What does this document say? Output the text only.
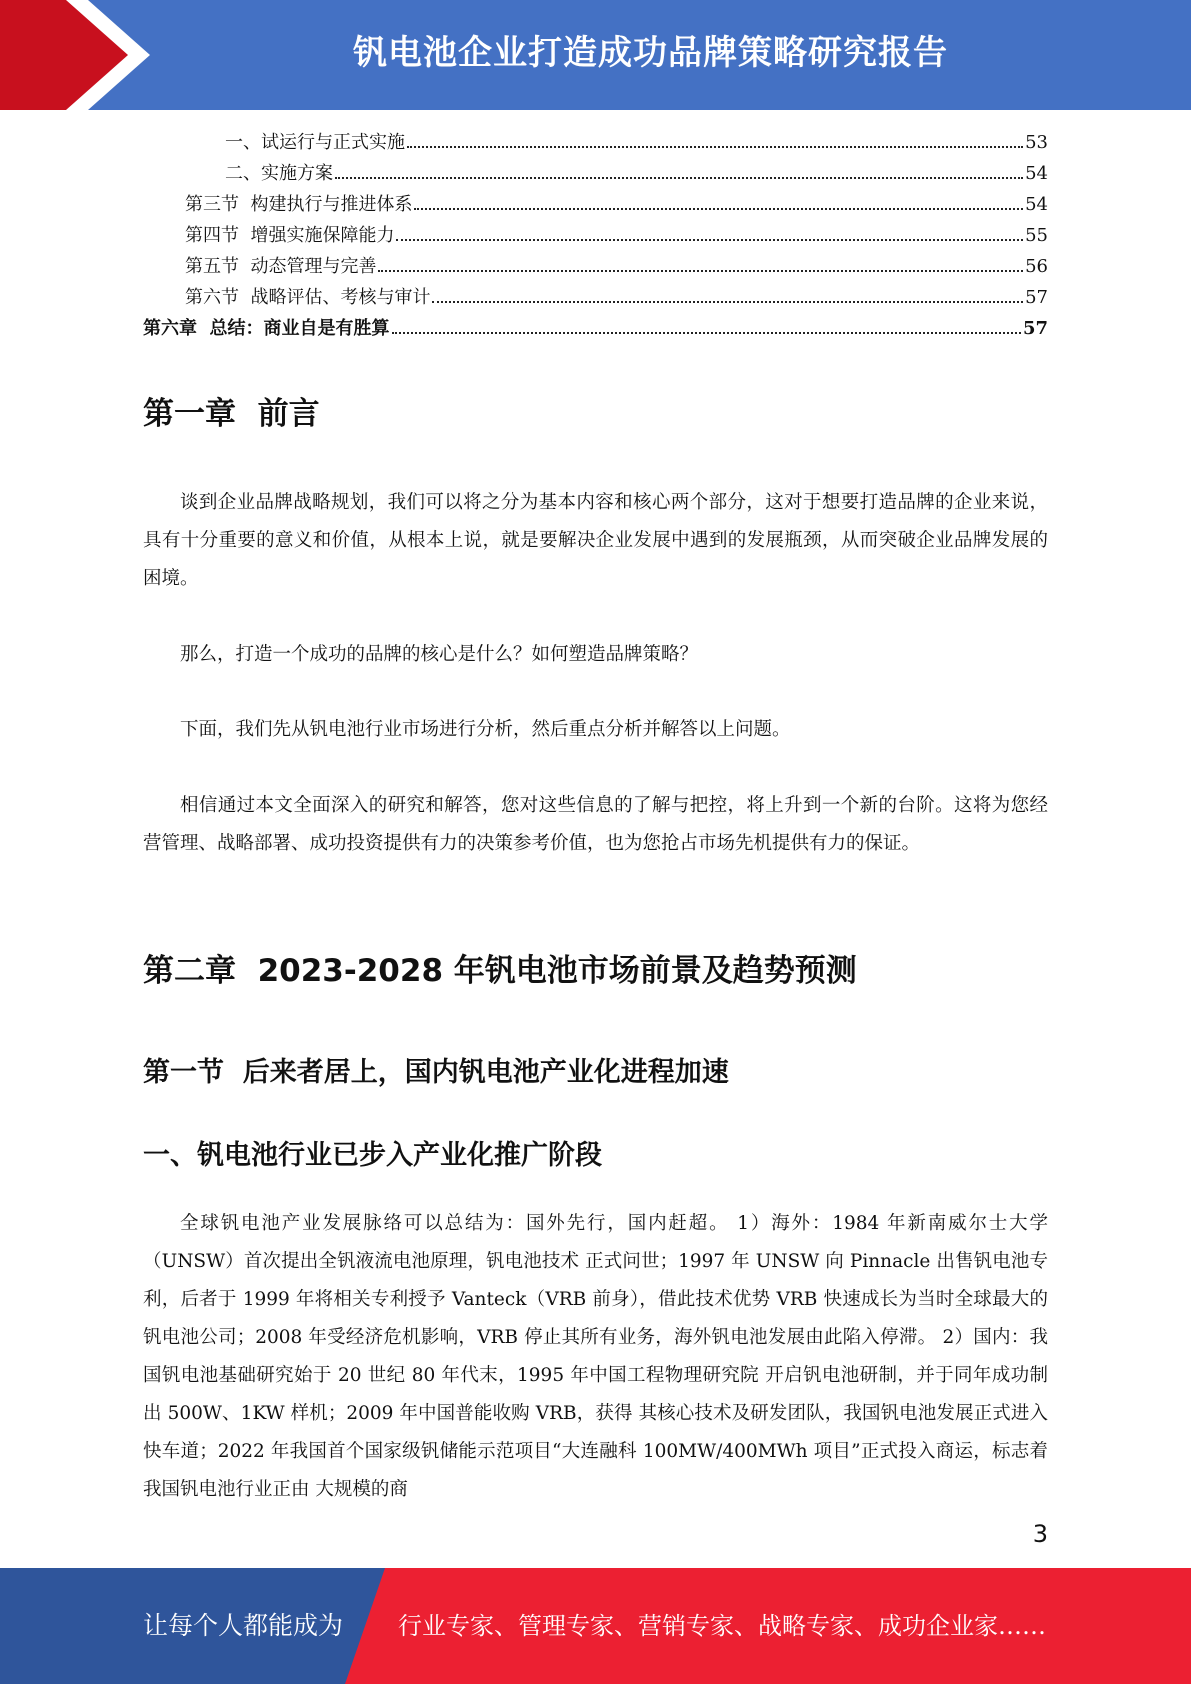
钒电池企业打造成功品牌策略研究报告
一、试运行与正式实施	53
二、实施方案	54
第三节  构建执行与推进体系	54
第四节  增强实施保障能力	55
第五节  动态管理与完善	56
第六节  战略评估、考核与审计	57
第六章  总结：商业自是有胜算	57
第一章  前言

谈到企业品牌战略规划，我们可以将之分为基本内容和核心两个部分，这对于想要打造品牌的企业来说，具有十分重要的意义和价值，从根本上说，就是要解决企业发展中遇到的发展瓶颈，从而突破企业品牌发展的困境。

那么，打造一个成功的品牌的核心是什么？如何塑造品牌策略？

下面，我们先从钒电池行业市场进行分析，然后重点分析并解答以上问题。

相信通过本文全面深入的研究和解答，您对这些信息的了解与把控，将上升到一个新的台阶。这将为您经营管理、战略部署、成功投资提供有力的决策参考价值，也为您抢占市场先机提供有力的保证。

第二章  2023-2028 年钒电池市场前景及趋势预测
第一节  后来者居上，国内钒电池产业化进程加速
一、钒电池行业已步入产业化推广阶段

全球钒电池产业发展脉络可以总结为：国外先行，国内赶超。 1）海外：1984 年新南威尔士大学（UNSW）首次提出全钒液流电池原理，钒电池技术 正式问世；1997 年 UNSW 向 Pinnacle 出售钒电池专利，后者于 1999 年将相关专利授予 Vanteck（VRB 前身），借此技术优势 VRB 快速成长为当时全球最大的钒电池公司；2008 年受经济危机影响，VRB 停止其所有业务，海外钒电池发展由此陷入停滞。 2）国内：我国钒电池基础研究始于 20 世纪 80 年代末，1995 年中国工程物理研究院 开启钒电池研制，并于同年成功制出 500W、1KW 样机；2009 年中国普能收购 VRB，获得 其核心技术及研发团队，我国钒电池发展正式进入快车道；2022 年我国首个国家级钒储能示范项目“大连融科 100MW/400MWh 项目”正式投入商运，标志着我国钒电池行业正由 大规模的商

3
让每个人都能成为 行业专家、管理专家、营销专家、战略专家、成功企业家……
